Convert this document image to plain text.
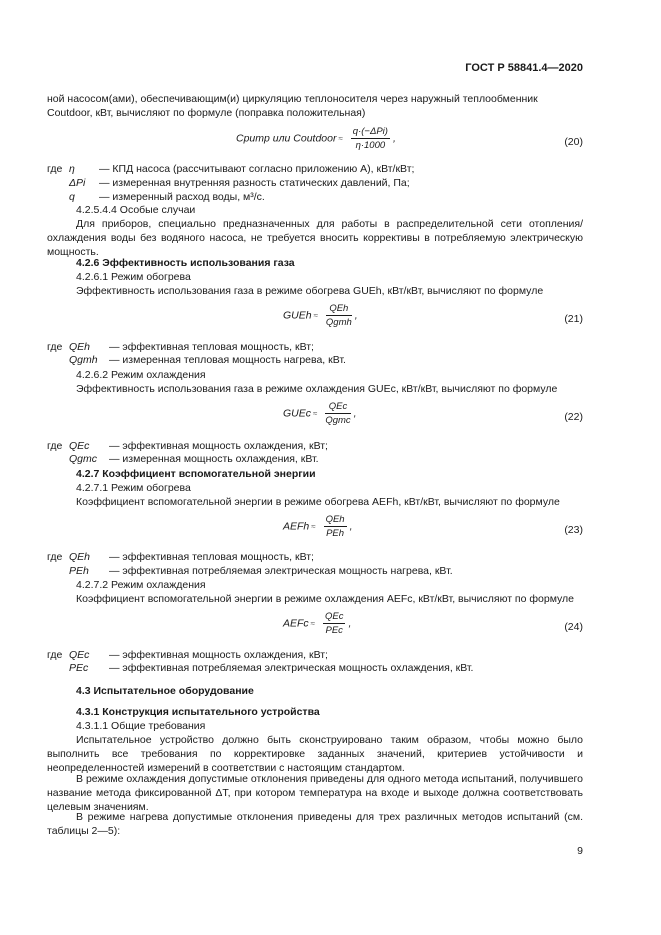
ГОСТ Р 58841.4—2020
ной насосом(ами), обеспечивающим(и) циркуляцию теплоносителя через наружный теплообменник
Coutdoor, кВт, вычисляют по формуле (поправка положительная)
Cpump или Coutdoor ≈ $\frac{\text{q·(−ΔPi)}}{\eta\cdot 1000}$ ,	(20)
где η — КПД насоса (рассчитывают согласно приложению А), кВт/кВт;
ΔPi — измеренная внутренняя разность статических давлений, Па;
q — измеренный расход воды, м³/с.
4.2.5.4.4 Особые случаи
Для приборов, специально предназначенных для работы в распределительной сети отопления/охлаждения воды без водяного насоса, не требуется вносить коррективы в потребляемую электрическую мощность.
4.2.6 Эффективность использования газа
4.2.6.1 Режим обогрева
Эффективность использования газа в режиме обогрева GUEh, кВт/кВт, вычисляют по формуле
GUEh ≈ $\frac{\text{QEh}}{\text{Qgmh}}$ ,	(21)
где QEh — эффективная тепловая мощность, кВт;
Qgmh — измеренная тепловая мощность нагрева, кВт.
4.2.6.2 Режим охлаждения
Эффективность использования газа в режиме охлаждения GUEc, кВт/кВт, вычисляют по формуле
GUEc ≈ $\frac{\text{QEc}}{\text{Qgmc}}$ ,	(22)
где QEc — эффективная мощность охлаждения, кВт;
Qgmc — измеренная мощность охлаждения, кВт.
4.2.7 Коэффициент вспомогательной энергии
4.2.7.1 Режим обогрева
Коэффициент вспомогательной энергии в режиме обогрева AEFh, кВт/кВт, вычисляют по формуле
AEFh ≈ $\frac{\text{QEh}}{\text{PEh}}$ ,	(23)
где QEh — эффективная тепловая мощность, кВт;
PEh — эффективная потребляемая электрическая мощность нагрева, кВт.
4.2.7.2 Режим охлаждения
Коэффициент вспомогательной энергии в режиме охлаждения AEFc, кВт/кВт, вычисляют по формуле
AEFc ≈ $\frac{\text{QEc}}{\text{PEc}}$ ,	(24)
где QEc — эффективная мощность охлаждения, кВт;
PEc — эффективная потребляемая электрическая мощность охлаждения, кВт.
4.3 Испытательное оборудование
4.3.1 Конструкция испытательного устройства
4.3.1.1 Общие требования
Испытательное устройство должно быть сконструировано таким образом, чтобы можно было выполнить все требования по корректировке заданных значений, критериев устойчивости и неопределенностей измерений в соответствии с настоящим стандартом.
В режиме охлаждения допустимые отклонения приведены для одного метода испытаний, получившего название метода фиксированной ΔT, при котором температура на входе и выходе должна соответствовать целевым значениям.
В режиме нагрева допустимые отклонения приведены для трех различных методов испытаний (см. таблицы 2—5):
9
